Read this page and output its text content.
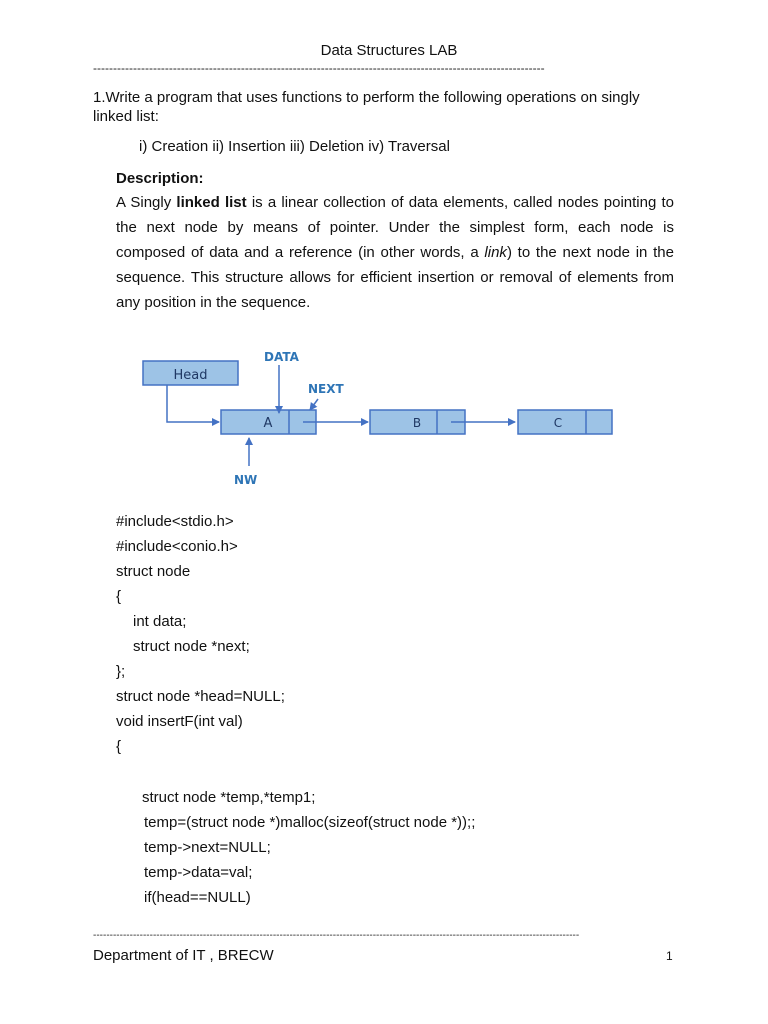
Data Structures LAB
-----------------------------------------------------------------------------------------------------------------
1.Write a program that uses functions to perform the following operations on singly
linked list:
i) Creation ii) Insertion iii) Deletion iv) Traversal
Description:
A Singly linked list is a linear collection of data elements, called nodes pointing to the next node by means of pointer. Under the simplest form, each node is composed of data and a reference (in other words, a link) to the next node in the sequence. This structure allows for efficient insertion or removal of elements from any position in the sequence.
Head
A	B	C
DATA
NEXT
NW
#include<stdio.h>
#include<conio.h>
struct node
{
int data;
struct node *next;
};
struct node *head=NULL;
void insertF(int val)
{
struct node *temp,*temp1;
temp=(struct node *)malloc(sizeof(struct node *));;
temp->next=NULL;
temp->data=val;
if(head==NULL)
--------------------------------------------------------------------------------------------------------------------------------------------------
Department of IT , BRECW	1
